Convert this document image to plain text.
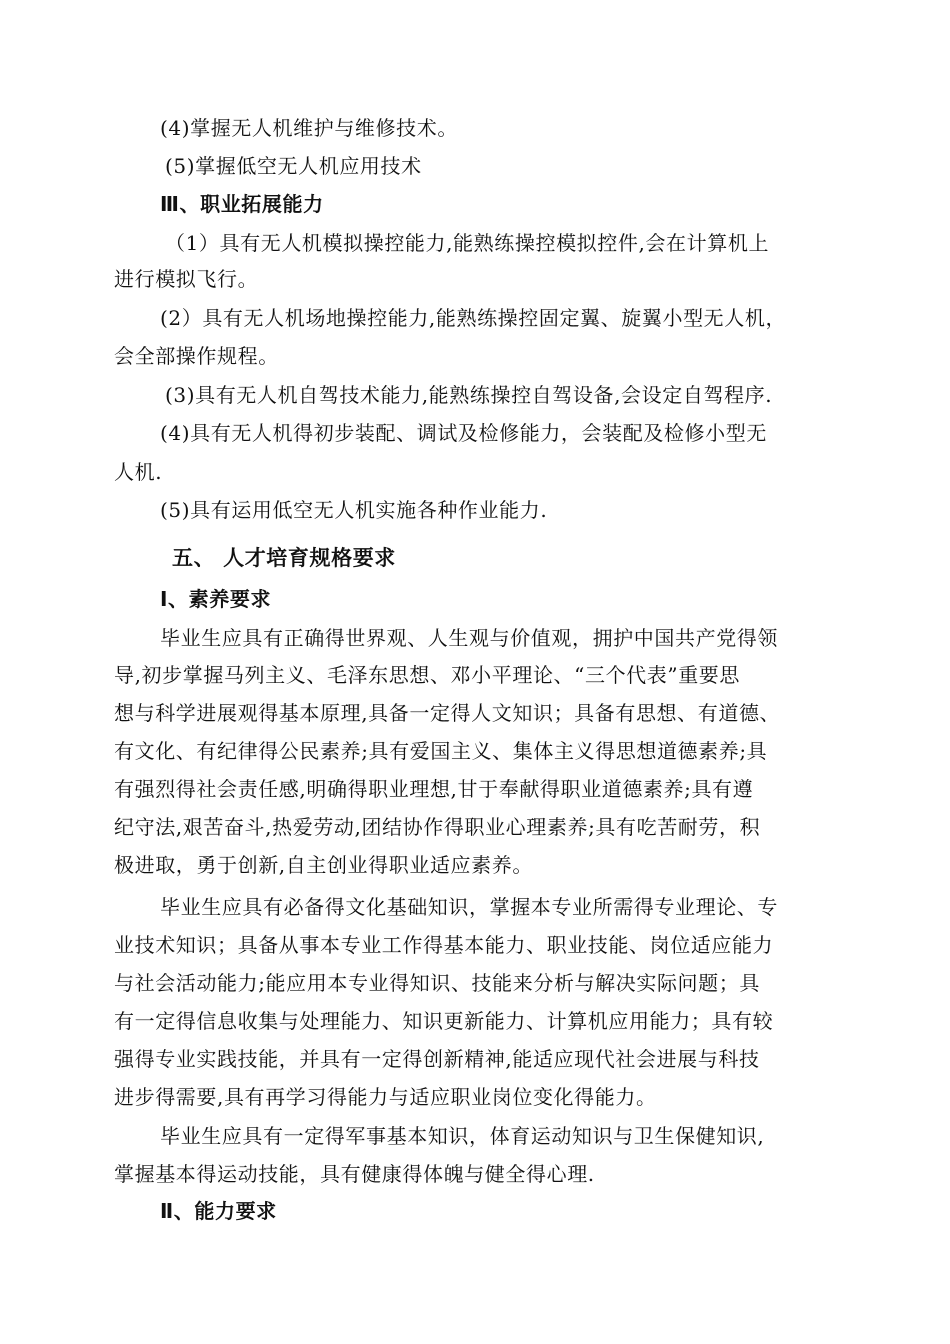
(4)掌握无人机维护与维修技术。
(5)掌握低空无人机应用技术
Ⅲ、职业拓展能力
（1）具有无人机模拟操控能力,能熟练操控模拟控件,会在计算机上
进行模拟飞行。
(2）具有无人机场地操控能力,能熟练操控固定翼、旋翼小型无人机，
会全部操作规程。
(3)具有无人机自驾技术能力,能熟练操控自驾设备,会设定自驾程序.
(4)具有无人机得初步装配、调试及检修能力，会装配及检修小型无
人机.
(5)具有运用低空无人机实施各种作业能力.
五、 人才培育规格要求
Ⅰ、素养要求
毕业生应具有正确得世界观、人生观与价值观，拥护中国共产党得领
导,初步掌握马列主义、毛泽东思想、邓小平理论、“三个代表”重要思
想与科学进展观得基本原理,具备一定得人文知识；具备有思想、有道德、
有文化、有纪律得公民素养;具有爱国主义、集体主义得思想道德素养;具
有强烈得社会责任感,明确得职业理想,甘于奉献得职业道德素养;具有遵
纪守法,艰苦奋斗,热爱劳动,团结协作得职业心理素养;具有吃苦耐劳，积
极进取，勇于创新,自主创业得职业适应素养。
毕业生应具有必备得文化基础知识，掌握本专业所需得专业理论、专
业技术知识；具备从事本专业工作得基本能力、职业技能、岗位适应能力
与社会活动能力;能应用本专业得知识、技能来分析与解决实际问题；具
有一定得信息收集与处理能力、知识更新能力、计算机应用能力；具有较
强得专业实践技能，并具有一定得创新精神,能适应现代社会进展与科技
进步得需要,具有再学习得能力与适应职业岗位变化得能力。
毕业生应具有一定得军事基本知识，体育运动知识与卫生保健知识,
掌握基本得运动技能，具有健康得体魄与健全得心理.
Ⅱ、能力要求
